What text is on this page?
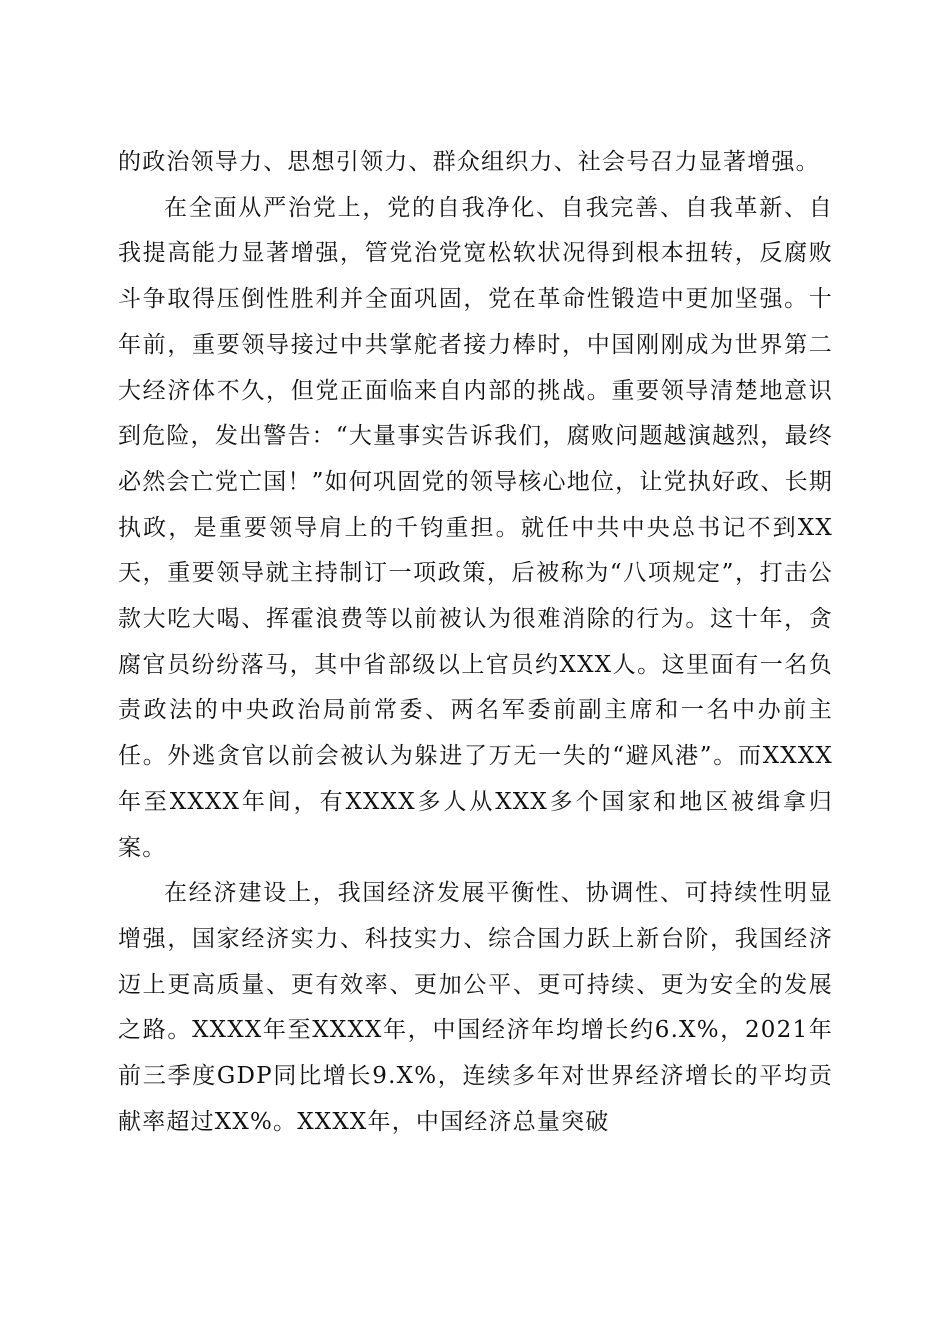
的政治领导力、思想引领力、群众组织力、社会号召力显著增强。

在全面从严治党上，党的自我净化、自我完善、自我革新、自我提高能力显著增强，管党治党宽松软状况得到根本扭转，反腐败斗争取得压倒性胜利并全面巩固，党在革命性锻造中更加坚强。十年前，重要领导接过中共掌舵者接力棒时，中国刚刚成为世界第二大经济体不久，但党正面临来自内部的挑战。重要领导清楚地意识到危险，发出警告：“大量事实告诉我们，腐败问题越演越烈，最终必然会亡党亡国！”如何巩固党的领导核心地位，让党执好政、长期执政，是重要领导肩上的千钧重担。就任中共中央总书记不到XX天，重要领导就主持制订一项政策，后被称为“八项规定”，打击公款大吃大喝、挥霍浪费等以前被认为很难消除的行为。这十年，贪腐官员纷纷落马，其中省部级以上官员约XXX人。这里面有一名负责政法的中央政治局前常委、两名军委前副主席和一名中办前主任。外逃贪官以前会被认为躲进了万无一失的“避风港”。而XXXX年至XXXX年间，有XXXX多人从XXX多个国家和地区被缉拿归案。

在经济建设上，我国经济发展平衡性、协调性、可持续性明显增强，国家经济实力、科技实力、综合国力跃上新台阶，我国经济迈上更高质量、更有效率、更加公平、更可持续、更为安全的发展之路。XXXX年至XXXX年，中国经济年均增长约6.X%，2021年前三季度GDP同比增长9.X%，连续多年对世界经济增长的平均贡献率超过XX%。XXXX年，中国经济总量突破
